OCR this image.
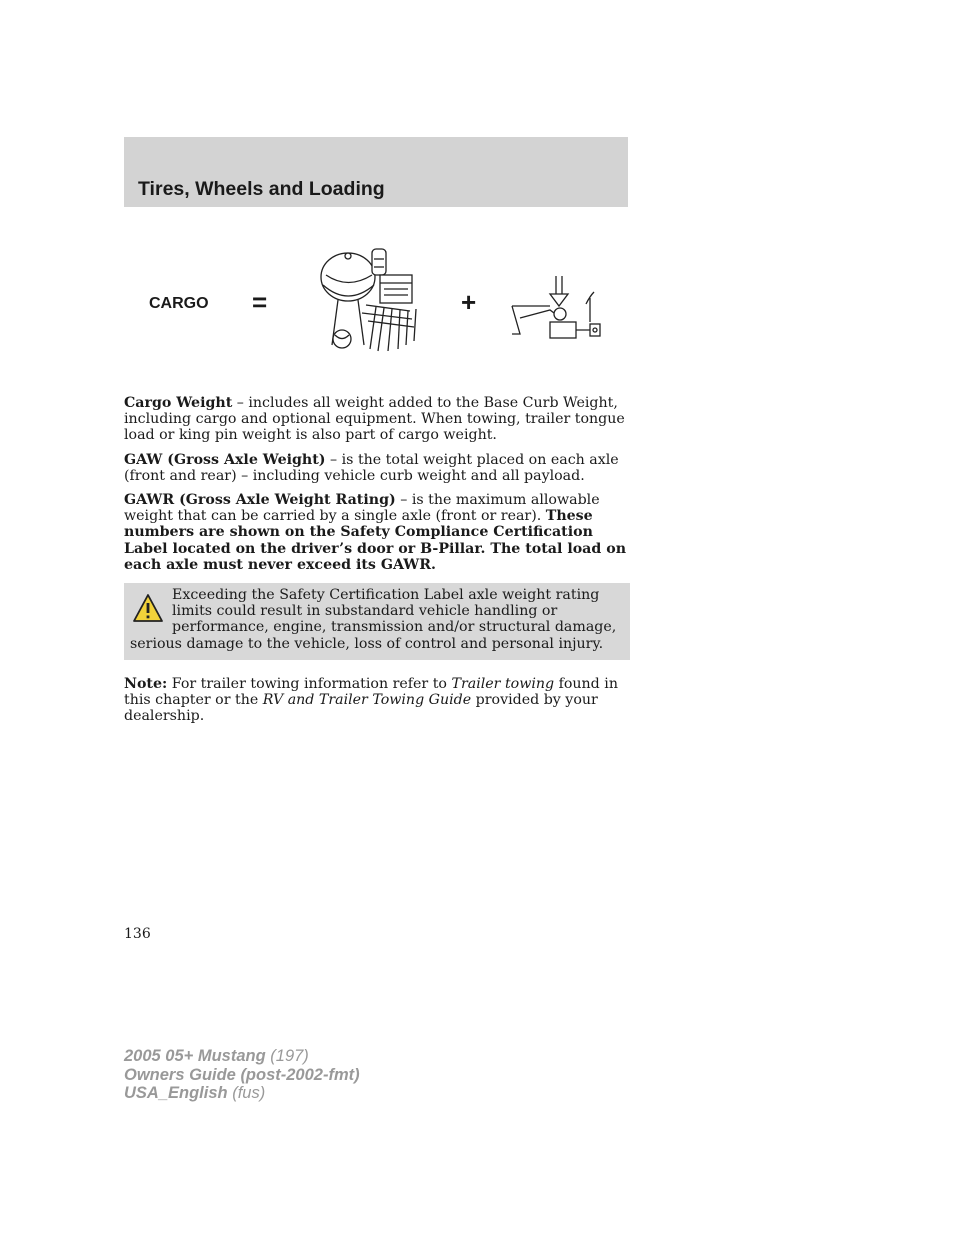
Tires, Wheels and Loading
CARGO =	+

Cargo Weight – includes all weight added to the Base Curb Weight, including cargo and optional equipment. When towing, trailer tongue load or king pin weight is also part of cargo weight.

GAW (Gross Axle Weight) – is the total weight placed on each axle (front and rear) – including vehicle curb weight and all payload.

GAWR (Gross Axle Weight Rating) – is the maximum allowable weight that can be carried by a single axle (front or rear). These numbers are shown on the Safety Compliance Certification Label located on the driver’s door or B-Pillar. The total load on each axle must never exceed its GAWR.

Exceeding the Safety Certification Label axle weight rating limits could result in substandard vehicle handling or performance, engine, transmission and/or structural damage, serious damage to the vehicle, loss of control and personal injury.

Note: For trailer towing information refer to Trailer towing found in this chapter or the RV and Trailer Towing Guide provided by your dealership.

136
2005 05+ Mustang (197)
Owners Guide (post-2002-fmt)
USA_English (fus)
